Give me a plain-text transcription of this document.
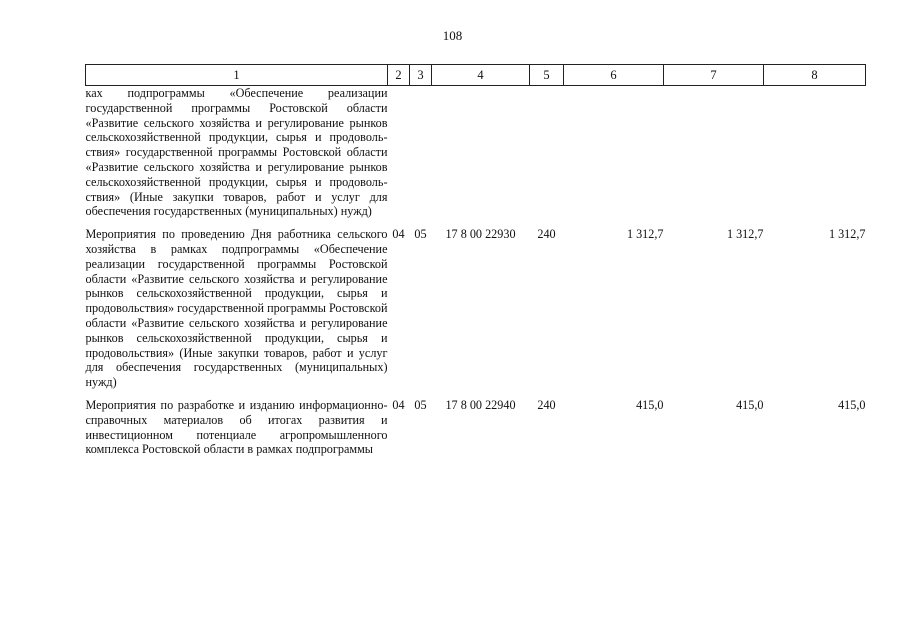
108
1	2	3	4	5	6	7	8
ках подпрограммы «Обеспечение реализации государственной программы Ростовской области «Развитие сельского хозяйства и регулирование рынков сельскохозяйственной продукции, сырья и продовольствия» государственной программы Ростовской области «Развитие сельского хозяйства и регулирование рынков сельскохозяйственной продукции, сырья и продовольствия» (Иные закупки товаров, работ и услуг для обеспечения государственных (муниципальных) нужд)							

Мероприятия по проведению Дня работника сельского хозяйства в рамках подпрограммы «Обеспечение реализации государственной программы Ростовской области «Развитие сельского хозяйства и регулирование рынков сельскохозяйственной продукции, сырья и продовольствия» государственной программы Ростовской области «Развитие сельского хозяйства и регулирование рынков сельскохозяйственной продукции, сырья и продовольствия» (Иные закупки товаров, работ и услуг для обеспечения государственных (муниципальных) нужд)	04	05	17 8 00 22930	240	1 312,7	1 312,7	1 312,7

Мероприятия по разработке и изданию информационно-справочных материалов об итогах развития и инвестиционном потенциале агропромышленного комплекса Ростовской области в рамках подпрограммы	04	05	17 8 00 22940	240	415,0	415,0	415,0
